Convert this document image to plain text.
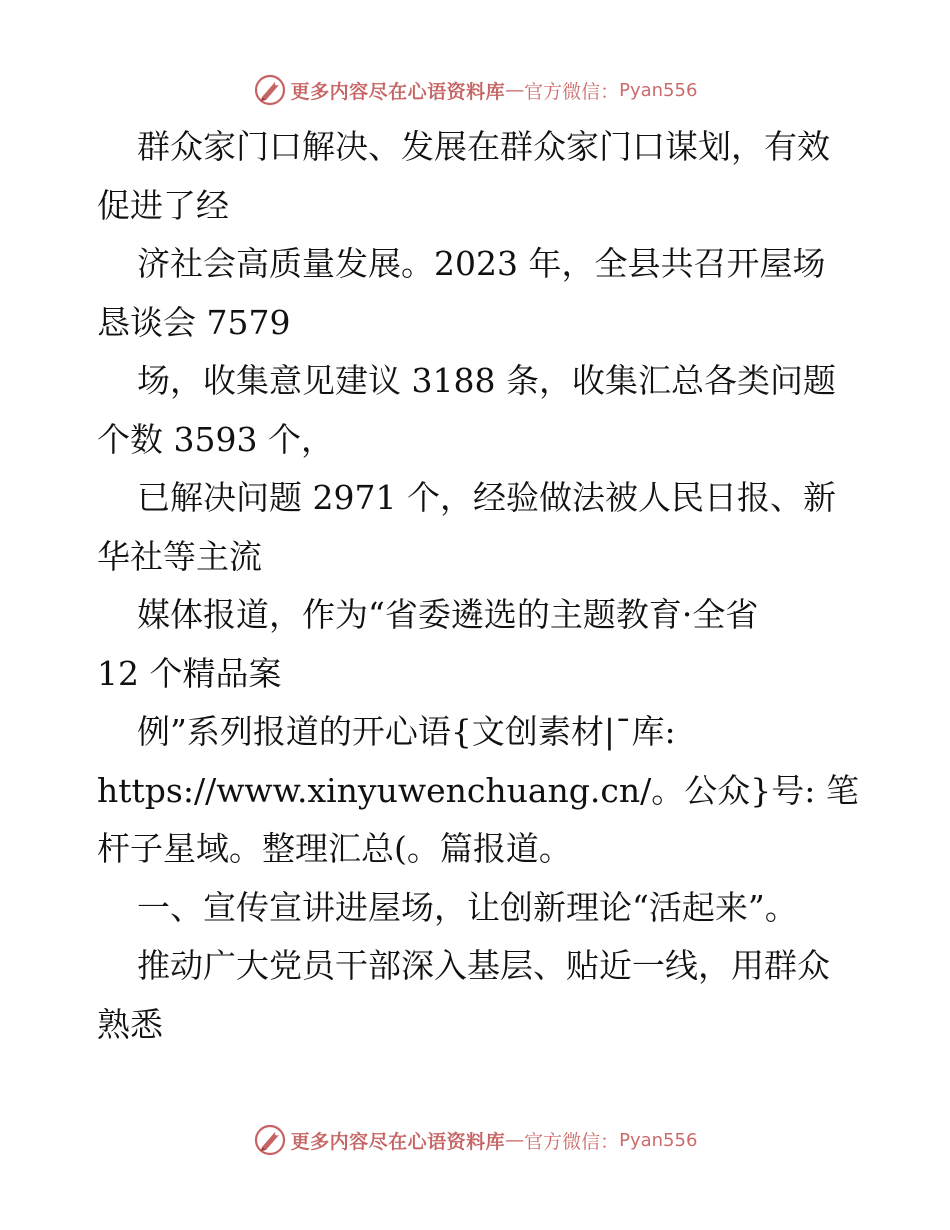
更多内容尽在心语资料库 — 官方微信： Pyan556
群众家门口解决、发展在群众家门口谋划，有效
促进了经
济社会高质量发展。2023 年，全县共召开屋场
恳谈会 7579
场，收集意见建议 3188 条，收集汇总各类问题
个数 3593 个，
已解决问题 2971 个，经验做法被人民日报、新
华社等主流
媒体报道，作为“省委遴选的主题教育·全省
12 个精品案
例”系列报道的开心语{文创素材|¯库:
https://www.xinyuwenchuang.cn/。公众}号: 笔
杆子星域。整理汇总(。篇报道。
一、宣传宣讲进屋场，让创新理论“活起来”。
推动广大党员干部深入基层、贴近一线，用群众
熟悉
更多内容尽在心语资料库 — 官方微信： Pyan556
